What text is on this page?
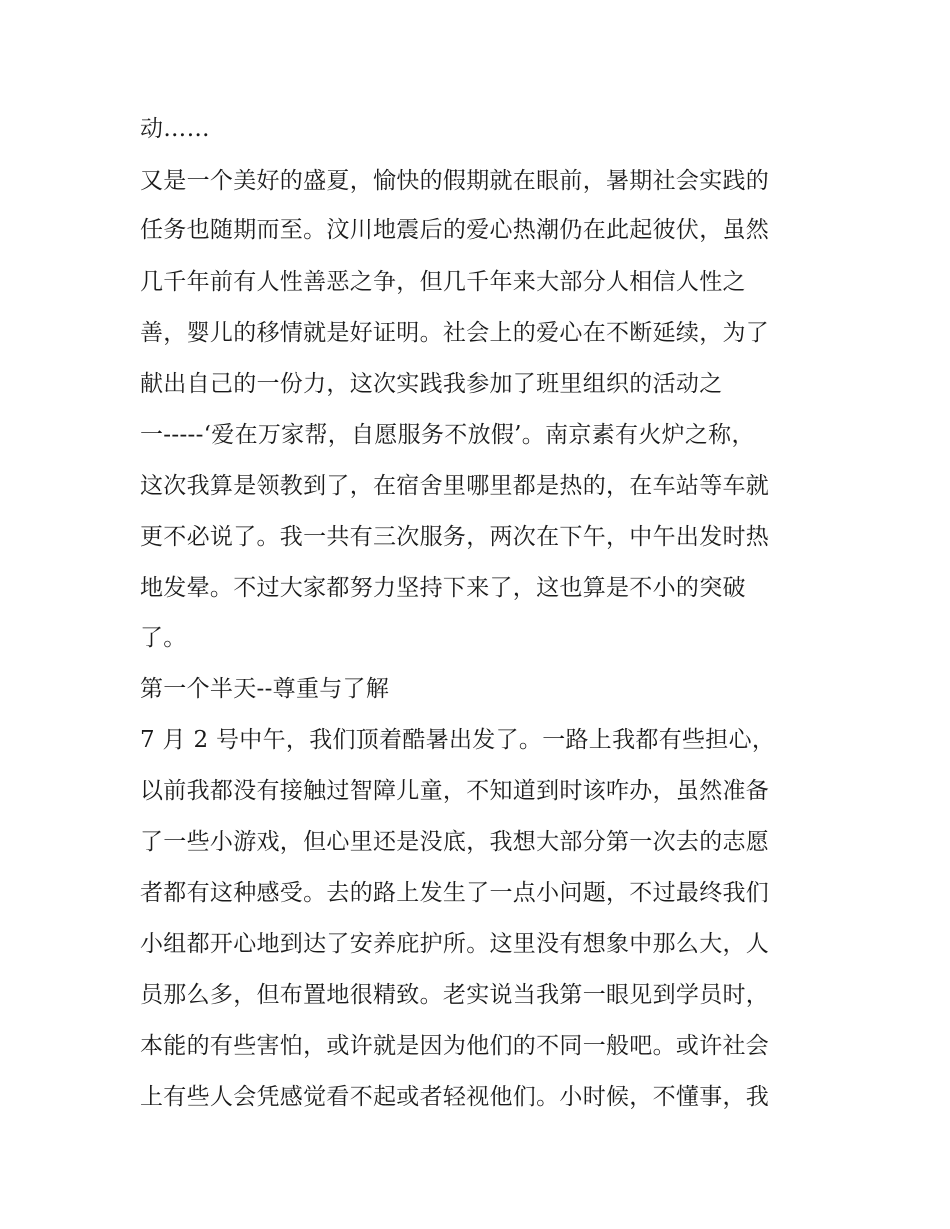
动……

又是一个美好的盛夏，愉快的假期就在眼前，暑期社会实践的

任务也随期而至。汶川地震后的爱心热潮仍在此起彼伏，虽然

几千年前有人性善恶之争，但几千年来大部分人相信人性之

善，婴儿的移情就是好证明。社会上的爱心在不断延续，为了

献出自己的一份力，这次实践我参加了班里组织的活动之

一-----‘爱在万家帮，自愿服务不放假’。南京素有火炉之称，

这次我算是领教到了，在宿舍里哪里都是热的，在车站等车就

更不必说了。我一共有三次服务，两次在下午，中午出发时热

地发晕。不过大家都努力坚持下来了，这也算是不小的突破

了。

第一个半天--尊重与了解

7 月 2 号中午，我们顶着酷暑出发了。一路上我都有些担心，

以前我都没有接触过智障儿童，不知道到时该咋办，虽然准备

了一些小游戏，但心里还是没底，我想大部分第一次去的志愿

者都有这种感受。去的路上发生了一点小问题，不过最终我们

小组都开心地到达了安养庇护所。这里没有想象中那么大，人

员那么多，但布置地很精致。老实说当我第一眼见到学员时，

本能的有些害怕，或许就是因为他们的不同一般吧。或许社会

上有些人会凭感觉看不起或者轻视他们。小时候，不懂事，我
